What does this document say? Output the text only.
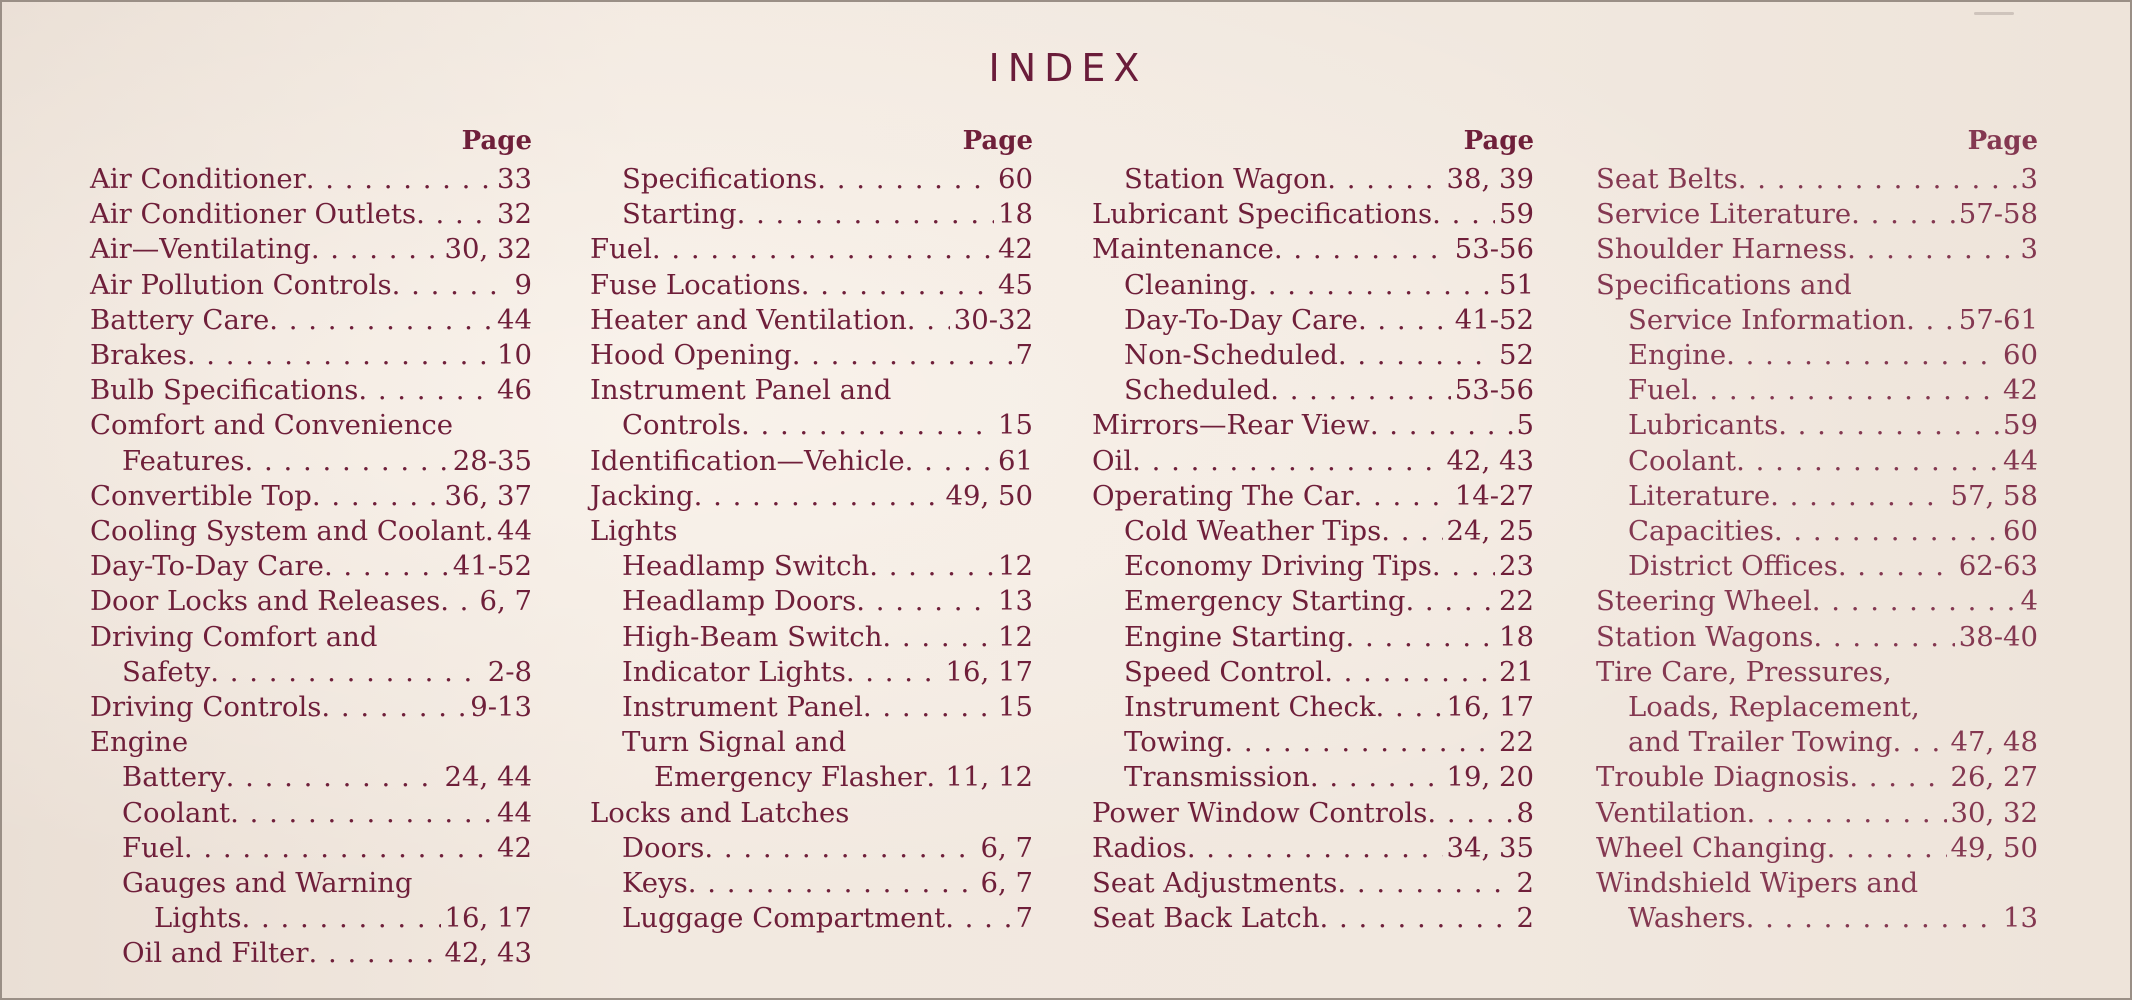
INDEX
Page
Air Conditioner . . .	33
Air Conditioner Outlets . . .	32
Air—Ventilating . . .	30, 32
Air Pollution Controls . . .	9
Battery Care . . .	44
Brakes . . .	10
Bulb Specifications . . .	46
Comfort and Convenience
Features . . .	28-35
Convertible Top . . .	36, 37
Cooling System and Coolant . . . 44
Day-To-Day Care . . .	41-52
Door Locks and Releases . . . 6, 7
Driving Comfort and
Safety . . .	2-8
Driving Controls . . .	9-13
Engine
Battery . . .	24, 44
Coolant . . .	44
Fuel . . .	42
Gauges and Warning
Lights . . .	16, 17
Oil and Filter . . .	42, 43
Page
Specifications . . .	60
Starting . . .	18
Fuel . . .	42
Fuse Locations . . .	45
Heater and Ventilation . . . 30-32
Hood Opening . . .	7
Instrument Panel and
Controls . . .	15
Identification—Vehicle . . .	61
Jacking . . .	49, 50
Lights
Headlamp Switch . . .	12
Headlamp Doors . . .	13
High-Beam Switch . . .	12
Indicator Lights . . .	16, 17
Instrument Panel . . .	15
Turn Signal and
Emergency Flasher . . . 11, 12
Locks and Latches
Doors . . .	6, 7
Keys . . .	6, 7
Luggage Compartment . . .	7
Page
Station Wagon . . .	38, 39
Lubricant Specifications . . . 59
Maintenance . . .	53-56
Cleaning . . .	51
Day-To-Day Care . . .	41-52
Non-Scheduled . . .	52
Scheduled . . .	53-56
Mirrors—Rear View . . .	5
Oil . . .	42, 43
Operating The Car . . .	14-27
Cold Weather Tips . . . 24, 25
Economy Driving Tips . . . 23
Emergency Starting . . .	22
Engine Starting . . .	18
Speed Control . . .	21
Instrument Check . . .	16, 17
Towing . . .	22
Transmission . . .	19, 20
Power Window Controls . . .	8
Radios . . .	34, 35
Seat Adjustments . . .	2
Seat Back Latch . . .	2
Page
Seat Belts . . .	3
Service Literature . . .	57-58
Shoulder Harness . . .	3
Specifications and
Service Information . . . 57-61
Engine . . .	60
Fuel . . .	42
Lubricants . . .	59
Coolant . . .	44
Literature . . .	57, 58
Capacities . . .	60
District Offices . . .	62-63
Steering Wheel . . .	4
Station Wagons . . .	38-40
Tire Care, Pressures,
Loads, Replacement,
and Trailer Towing . . . 47, 48
Trouble Diagnosis . . .	26, 27
Ventilation . . .	30, 32
Wheel Changing . . .	49, 50
Windshield Wipers and
Washers . . .	13
